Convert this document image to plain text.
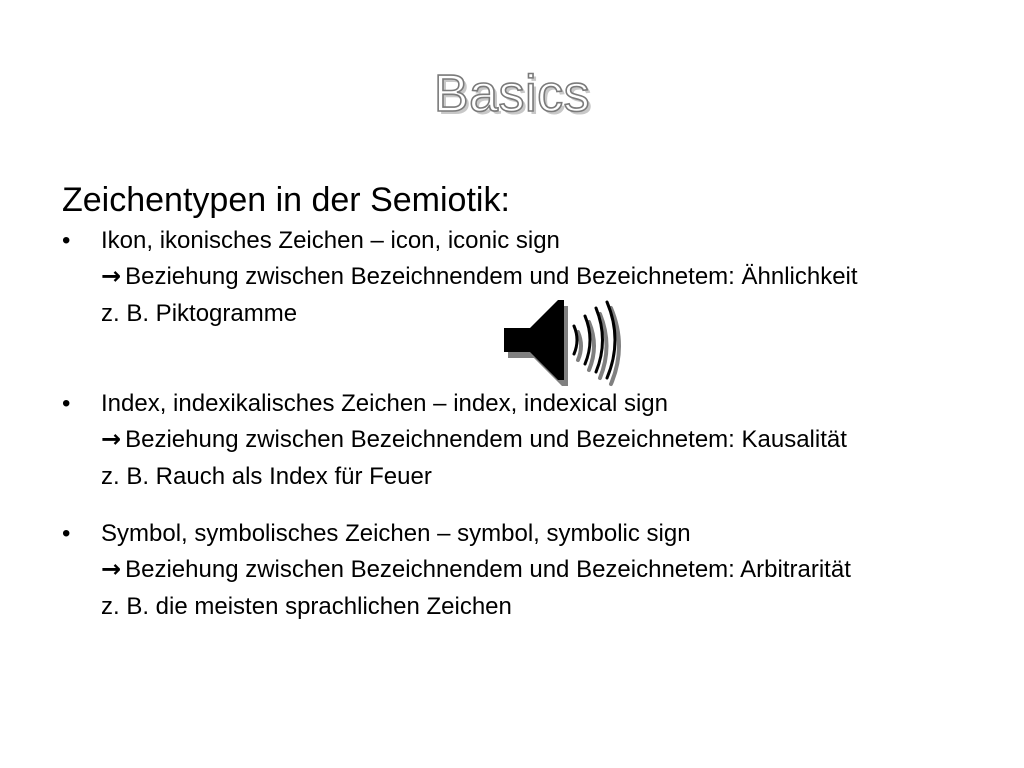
Basics
Zeichentypen in der Semiotik:
•	Ikon, ikonisches Zeichen – icon, iconic sign
→ Beziehung zwischen Bezeichnendem und Bezeichnetem: Ähnlichkeit
z. B. Piktogramme
•	Index, indexikalisches Zeichen – index, indexical sign
→ Beziehung zwischen Bezeichnendem und Bezeichnetem: Kausalität
z. B. Rauch als Index für Feuer
•	Symbol, symbolisches Zeichen – symbol, symbolic sign
→ Beziehung zwischen Bezeichnendem und Bezeichnetem: Arbitrarität
z. B. die meisten sprachlichen Zeichen
